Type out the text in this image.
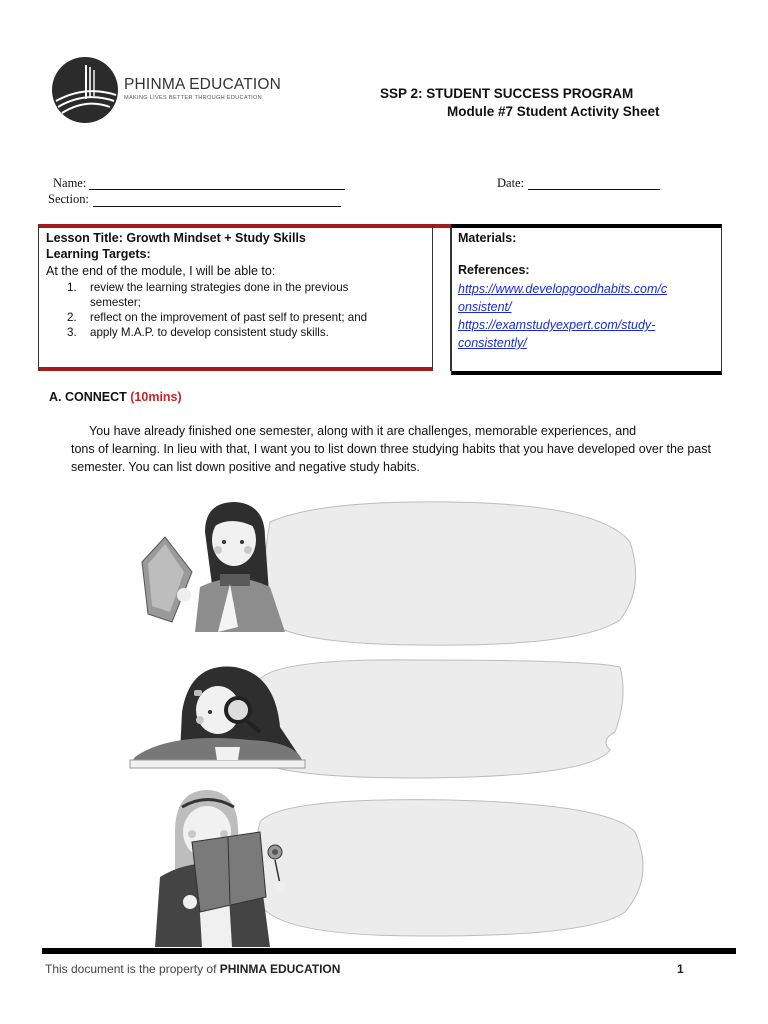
PHINMA EDUCATION
MAKING LIVES BETTER THROUGH EDUCATION	SSP 2: STUDENT SUCCESS PROGRAM
Module #7 Student Activity Sheet
Name:
Section:
Date:
Lesson Title: Growth Mindset + Study Skills
Learning Targets:
At the end of the module, I will be able to:
1. review the learning strategies done in the previous
semester;
2. reflect on the improvement of past self to present; and
3. apply M.A.P. to develop consistent study skills.
Materials:
References:
https://www.developgoodhabits.com/c
onsistent/
https://examstudyexpert.com/study-
consistently/
A. CONNECT (10mins)
You have already finished one semester, along with it are challenges, memorable experiences, and
tons of learning. In lieu with that, I want you to list down three studying habits that you have developed over the past semester. You can list down positive and negative study habits.
This document is the property of PHINMA EDUCATION	1
